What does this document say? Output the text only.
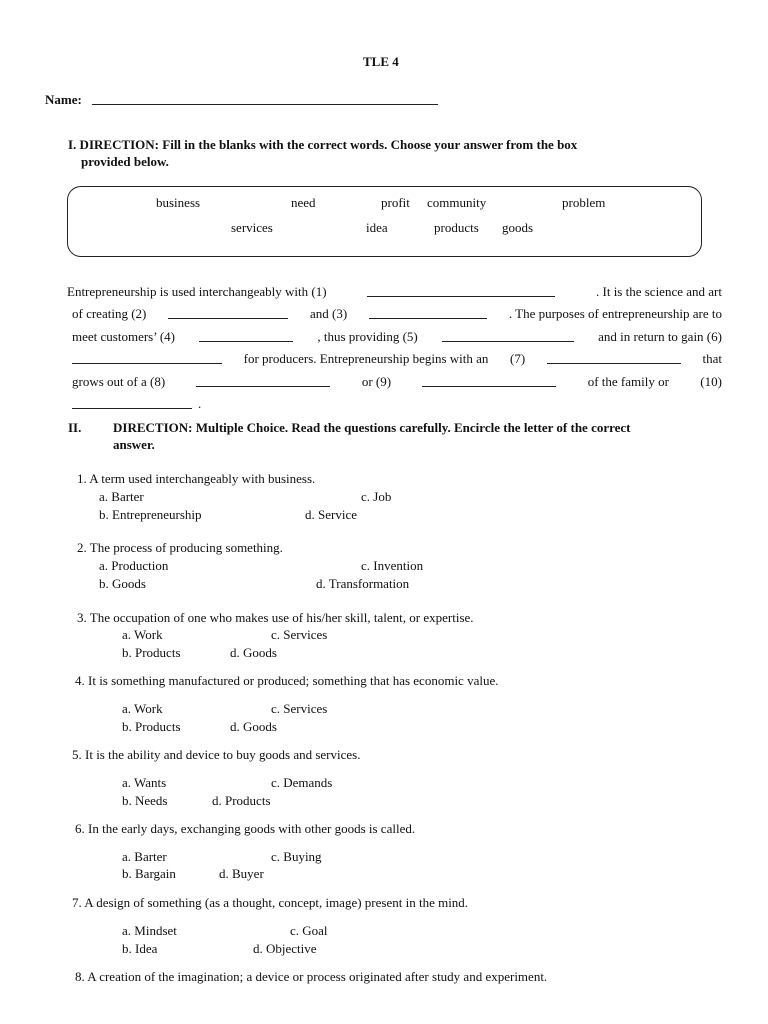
TLE 4
Name:
I. DIRECTION: Fill in the blanks with the correct words. Choose your answer from the box
provided below.
business	need	profit community	problem
services	idea	products goods
Entrepreneurship is used interchangeably with (1)	. It is the science and art
of creating (2)	and (3)	. The purposes of entrepreneurship are to
meet customers’ (4)	, thus providing (5)	and in return to gain (6)
for producers. Entrepreneurship begins with an (7)	that
grows out of a (8)	or (9)	of the family or (10)
.
II. DIRECTION: Multiple Choice. Read the questions carefully. Encircle the letter of the correct
answer.
1. A term used interchangeably with business.
a. Barter	c. Job
b. Entrepreneurship	d. Service
2. The process of producing something.
a. Production	c. Invention
b. Goods	d. Transformation
3. The occupation of one who makes use of his/her skill, talent, or expertise.
a. Work	c. Services
b. Products	d. Goods
4. It is something manufactured or produced; something that has economic value.
a. Work	c. Services
b. Products	d. Goods
5. It is the ability and device to buy goods and services.
a. Wants	c. Demands
b. Needs	d. Products
6. In the early days, exchanging goods with other goods is called.
a. Barter	c. Buying
b. Bargain	d. Buyer
7. A design of something (as a thought, concept, image) present in the mind.
a. Mindset	c. Goal
b. Idea	d. Objective
8. A creation of the imagination; a device or process originated after study and experiment.
